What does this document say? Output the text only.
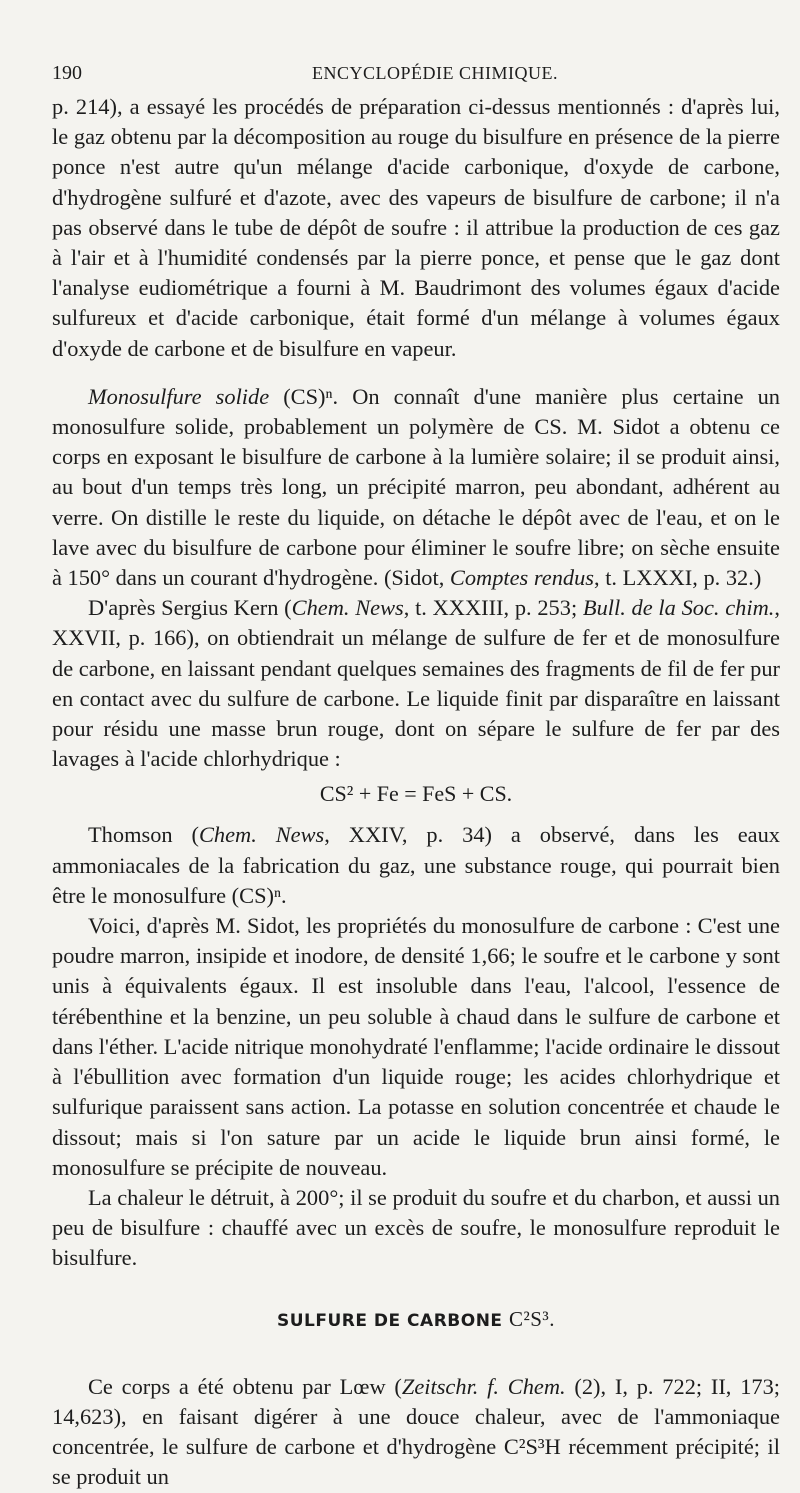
190	ENCYCLOPÉDIE CHIMIQUE.

p. 214), a essayé les procédés de préparation ci-dessus mentionnés : d'après lui, le gaz obtenu par la décomposition au rouge du bisulfure en présence de la pierre ponce n'est autre qu'un mélange d'acide carbonique, d'oxyde de carbone, d'hydrogène sulfuré et d'azote, avec des vapeurs de bisulfure de carbone; il n'a pas observé dans le tube de dépôt de soufre : il attribue la production de ces gaz à l'air et à l'humidité condensés par la pierre ponce, et pense que le gaz dont l'analyse eudiométrique a fourni à M. Baudrimont des volumes égaux d'acide sulfureux et d'acide carbonique, était formé d'un mélange à volumes égaux d'oxyde de carbone et de bisulfure en vapeur.

Monosulfure solide (CS)ⁿ. On connaît d'une manière plus certaine un monosulfure solide, probablement un polymère de CS. M. Sidot a obtenu ce corps en exposant le bisulfure de carbone à la lumière solaire; il se produit ainsi, au bout d'un temps très long, un précipité marron, peu abondant, adhérent au verre. On distille le reste du liquide, on détache le dépôt avec de l'eau, et on le lave avec du bisulfure de carbone pour éliminer le soufre libre; on sèche ensuite à 150° dans un courant d'hydrogène. (Sidot, Comptes rendus, t. LXXXI, p. 32.)

D'après Sergius Kern (Chem. News, t. XXXIII, p. 253; Bull. de la Soc. chim., XXVII, p. 166), on obtiendrait un mélange de sulfure de fer et de monosulfure de carbone, en laissant pendant quelques semaines des fragments de fil de fer pur en contact avec du sulfure de carbone. Le liquide finit par disparaître en laissant pour résidu une masse brun rouge, dont on sépare le sulfure de fer par des lavages à l'acide chlorhydrique :

CS² + Fe = FeS + CS.

Thomson (Chem. News, XXIV, p. 34) a observé, dans les eaux ammoniacales de la fabrication du gaz, une substance rouge, qui pourrait bien être le monosulfure (CS)ⁿ.

Voici, d'après M. Sidot, les propriétés du monosulfure de carbone : C'est une poudre marron, insipide et inodore, de densité 1,66; le soufre et le carbone y sont unis à équivalents égaux. Il est insoluble dans l'eau, l'alcool, l'essence de térébenthine et la benzine, un peu soluble à chaud dans le sulfure de carbone et dans l'éther. L'acide nitrique monohydraté l'enflamme; l'acide ordinaire le dissout à l'ébullition avec formation d'un liquide rouge; les acides chlorhydrique et sulfurique paraissent sans action. La potasse en solution concentrée et chaude le dissout; mais si l'on sature par un acide le liquide brun ainsi formé, le monosulfure se précipite de nouveau.

La chaleur le détruit, à 200°; il se produit du soufre et du charbon, et aussi un peu de bisulfure : chauffé avec un excès de soufre, le monosulfure reproduit le bisulfure.

SULFURE DE CARBONE C²S³.

Ce corps a été obtenu par Lœw (Zeitschr. f. Chem. (2), I, p. 722; II, 173; 14,623), en faisant digérer à une douce chaleur, avec de l'ammoniaque concentrée, le sulfure de carbone et d'hydrogène C²S³H récemment précipité; il se produit un
